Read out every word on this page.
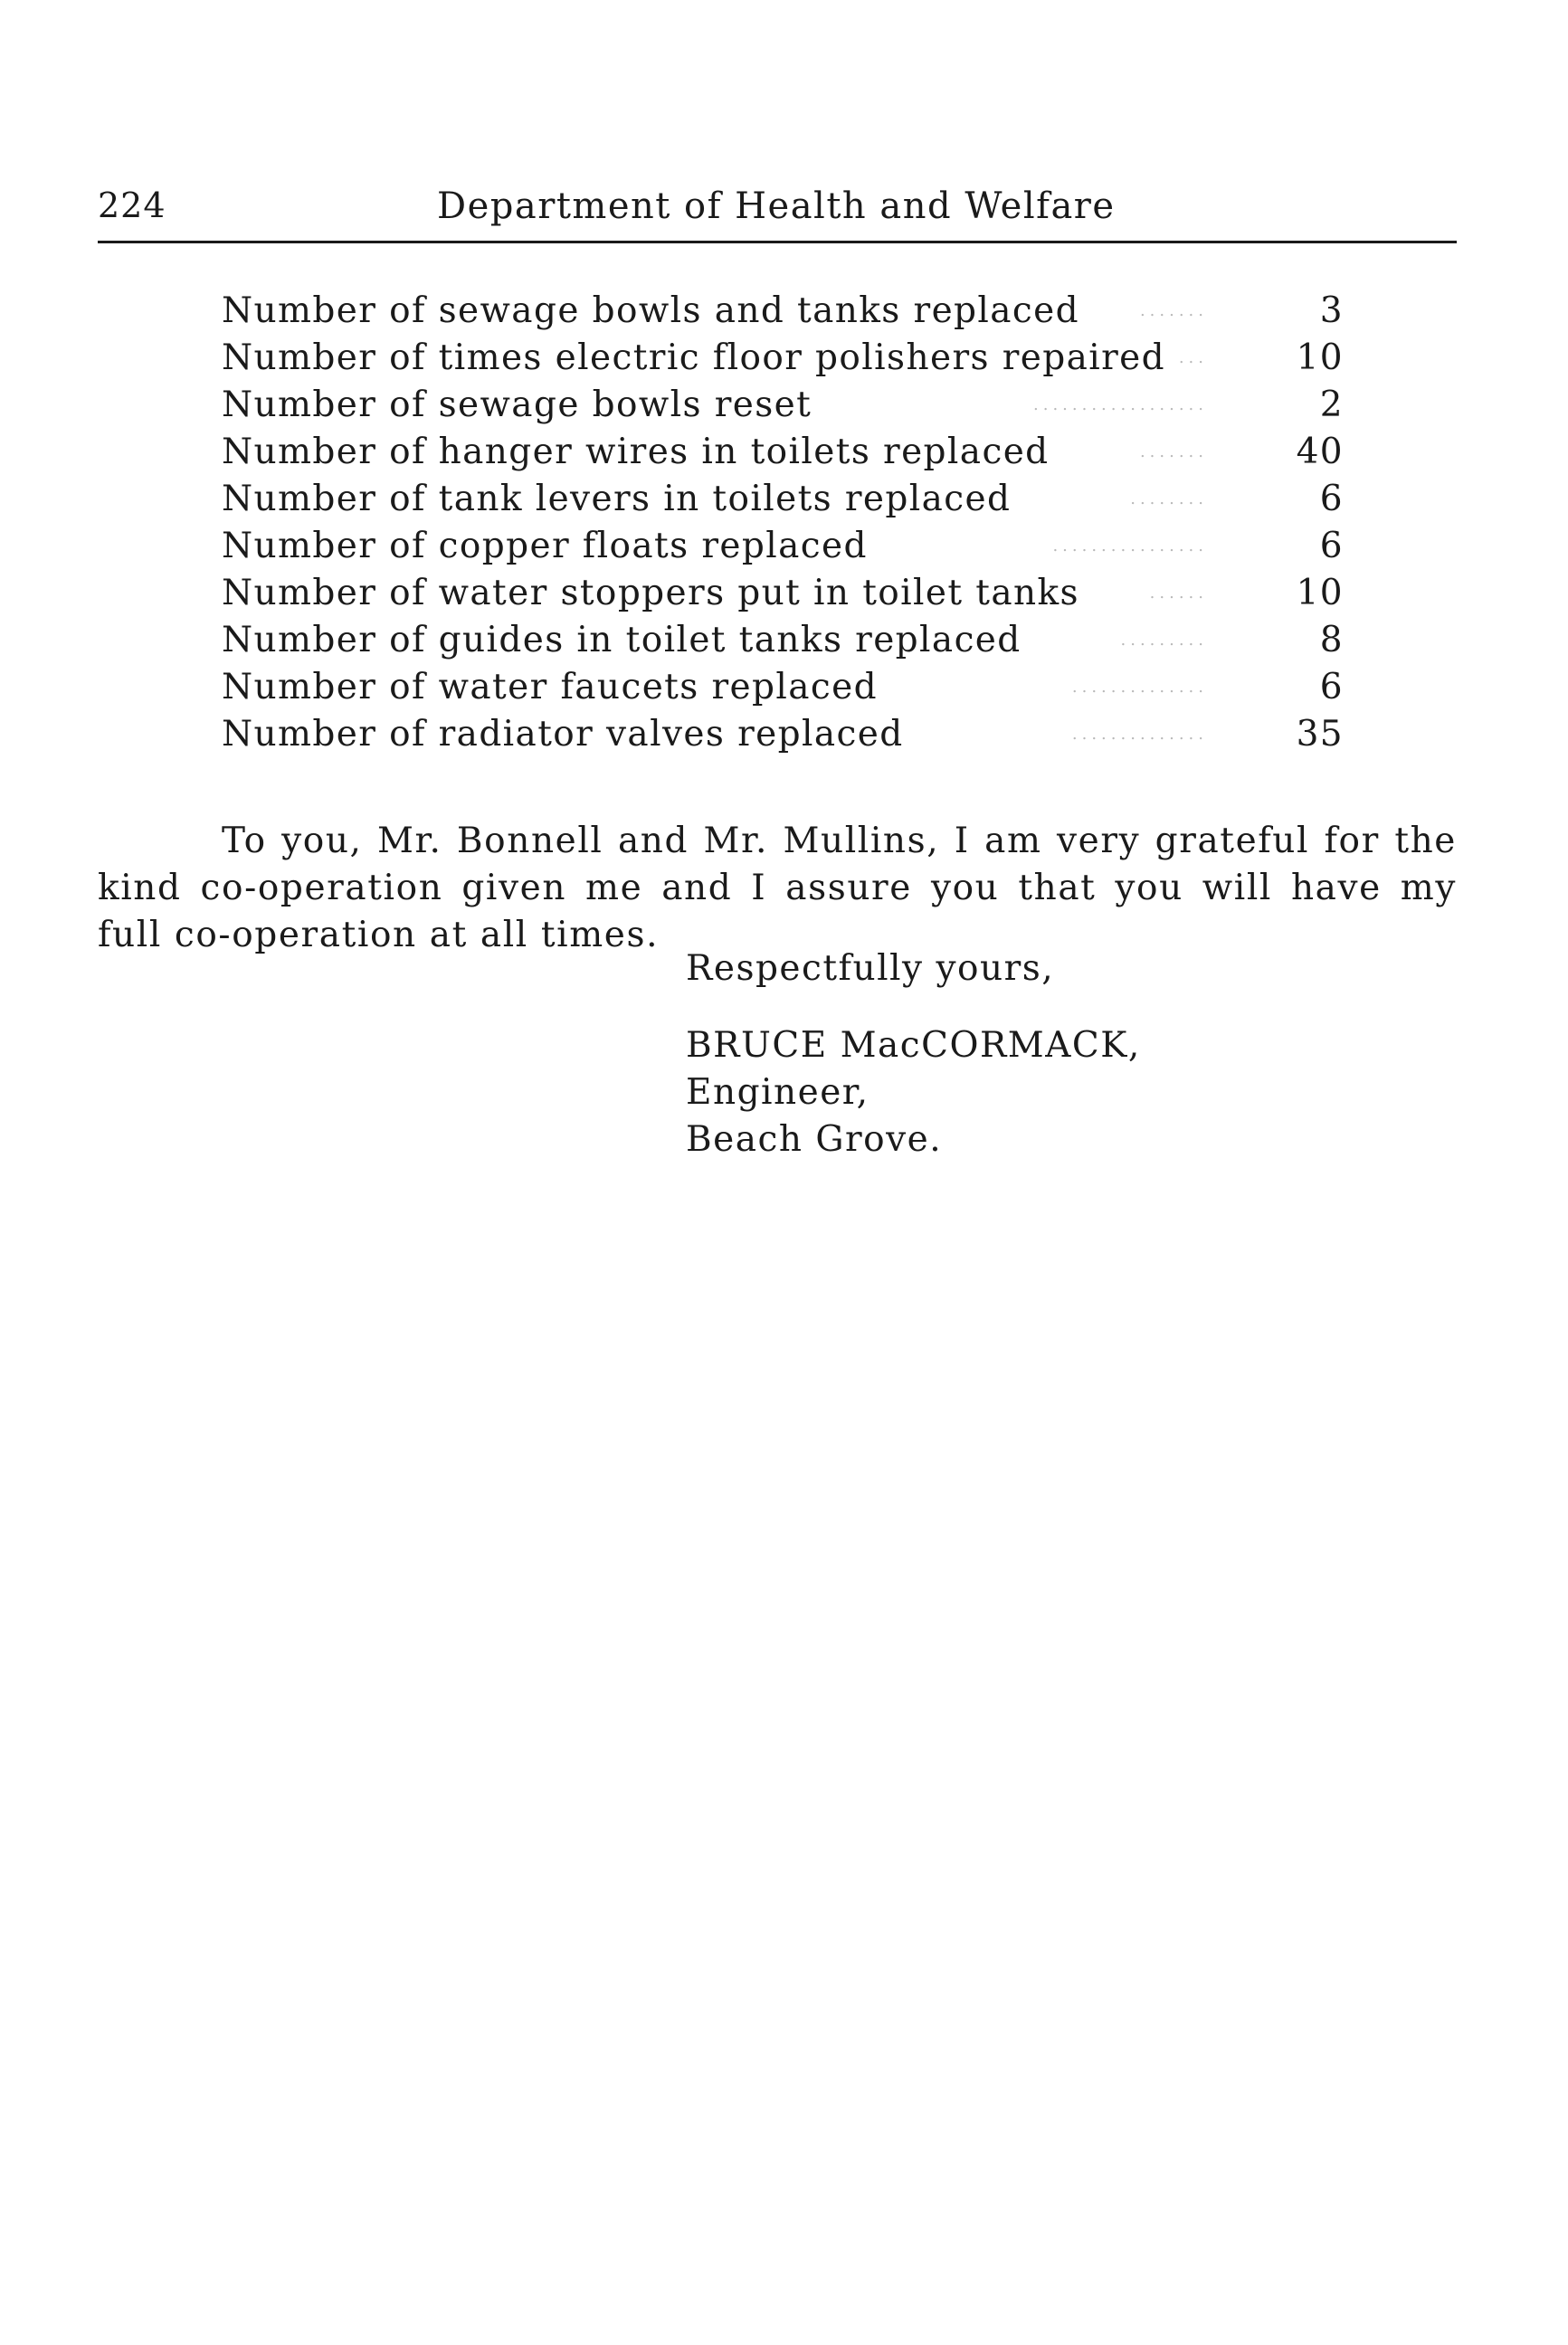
224	Department of Health and Welfare
Number of sewage bowls and tanks replaced	.......	3
Number of times electric floor polishers repaired ...	10
Number of sewage bowls reset	..................	2
Number of hanger wires in toilets replaced	.......	40
Number of tank levers in toilets replaced	........	6
Number of copper floats replaced	................	6
Number of water stoppers put in toilet tanks	......	10
Number of guides in toilet tanks replaced	.........	8
Number of water faucets replaced	..............	6
Number of radiator valves replaced	..............	35

To you, Mr. Bonnell and Mr. Mullins, I am very grateful for the kind co-operation given me and I assure you that you will have my full co-operation at all times.

Respectfully yours,
BRUCE MacCORMACK,
Engineer,
Beach Grove.
